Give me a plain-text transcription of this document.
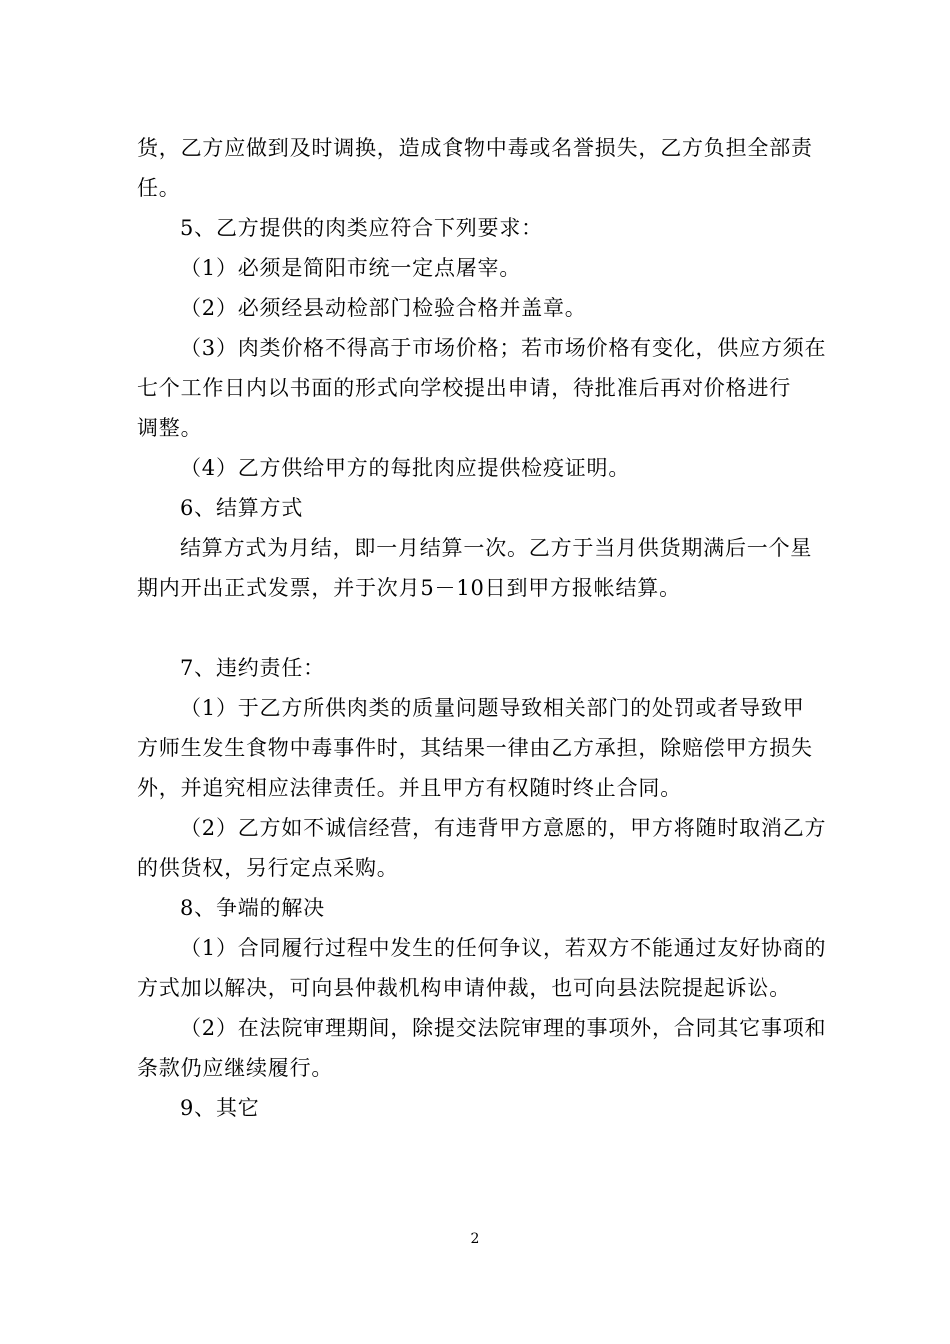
货，乙方应做到及时调换，造成食物中毒或名誉损失，乙方负担全部责
任。
5、乙方提供的肉类应符合下列要求：
（1）必须是简阳市统一定点屠宰。
（2）必须经县动检部门检验合格并盖章。
（3）肉类价格不得高于市场价格；若市场价格有变化，供应方须在
七个工作日内以书面的形式向学校提出申请，待批准后再对价格进行
调整。
（4）乙方供给甲方的每批肉应提供检疫证明。
6、结算方式
结算方式为月结，即一月结算一次。乙方于当月供货期满后一个星
期内开出正式发票，并于次月5－10日到甲方报帐结算。
7、违约责任：
（1）于乙方所供肉类的质量问题导致相关部门的处罚或者导致甲
方师生发生食物中毒事件时，其结果一律由乙方承担，除赔偿甲方损失
外，并追究相应法律责任。并且甲方有权随时终止合同。
（2）乙方如不诚信经营，有违背甲方意愿的，甲方将随时取消乙方
的供货权，另行定点采购。
8、争端的解决
（1）合同履行过程中发生的任何争议，若双方不能通过友好协商的
方式加以解决，可向县仲裁机构申请仲裁，也可向县法院提起诉讼。
（2）在法院审理期间，除提交法院审理的事项外，合同其它事项和
条款仍应继续履行。
9、其它
2
